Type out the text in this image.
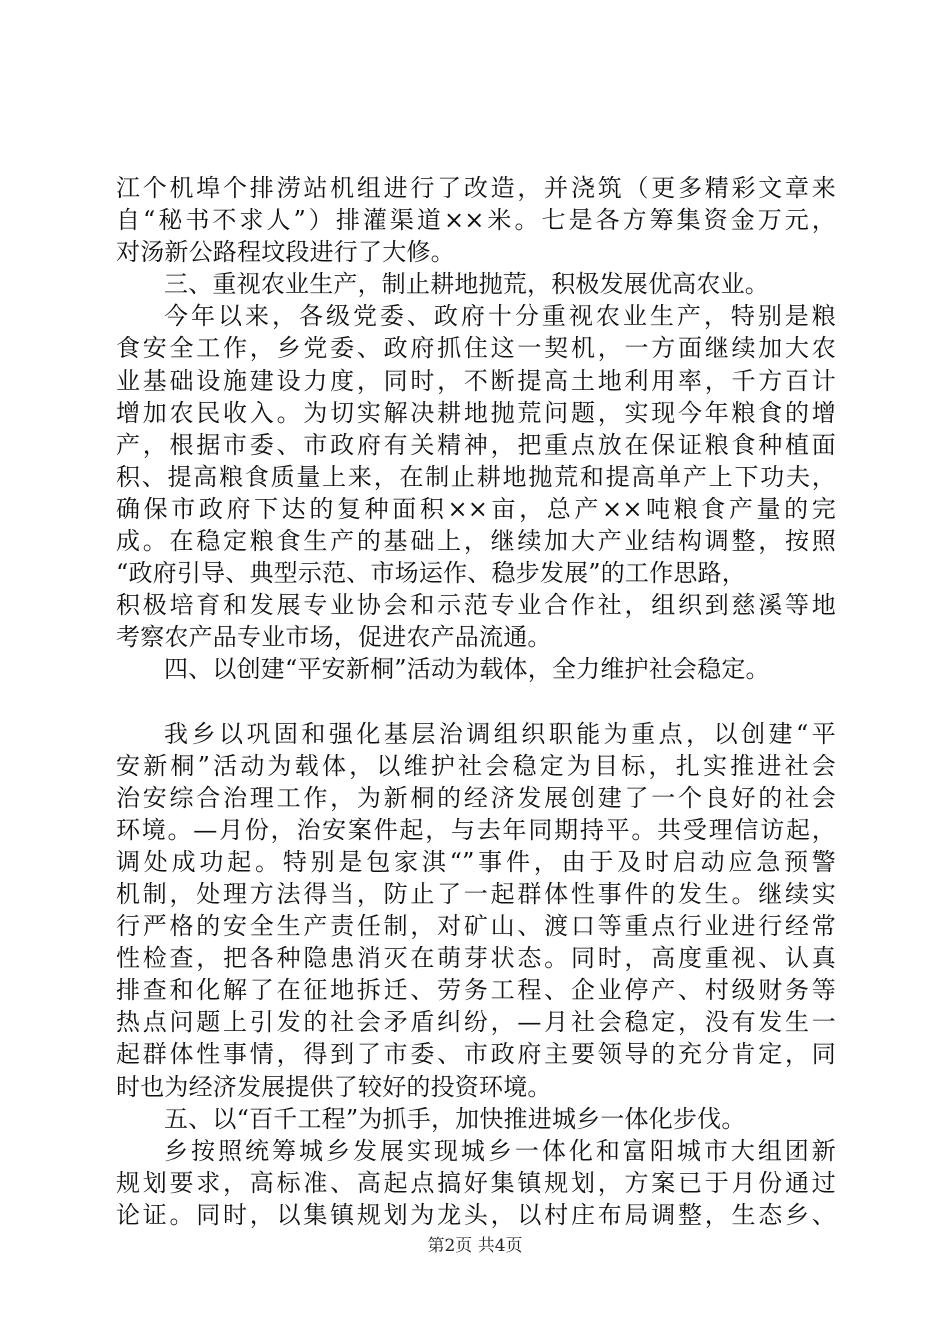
江个机埠个排涝站机组进行了改造，并浇筑（更多精彩文章来
自“秘书不求人”）排灌渠道××米。七是各方筹集资金万元，
对汤新公路程坟段进行了大修。
三、重视农业生产，制止耕地抛荒，积极发展优高农业。
今年以来，各级党委、政府十分重视农业生产，特别是粮
食安全工作，乡党委、政府抓住这一契机，一方面继续加大农
业基础设施建设力度，同时，不断提高土地利用率，千方百计
增加农民收入。为切实解决耕地抛荒问题，实现今年粮食的增
产，根据市委、市政府有关精神，把重点放在保证粮食种植面
积、提高粮食质量上来，在制止耕地抛荒和提高单产上下功夫，
确保市政府下达的复种面积××亩，总产××吨粮食产量的完
成。在稳定粮食生产的基础上，继续加大产业结构调整，按照
“政府引导、典型示范、市场运作、稳步发展”的工作思路，
积极培育和发展专业协会和示范专业合作社，组织到慈溪等地
考察农产品专业市场，促进农产品流通。
四、以创建“平安新桐”活动为载体，全力维护社会稳定。
我乡以巩固和强化基层治调组织职能为重点，以创建“平
安新桐”活动为载体，以维护社会稳定为目标，扎实推进社会
治安综合治理工作，为新桐的经济发展创建了一个良好的社会
环境。—月份，治安案件起，与去年同期持平。共受理信访起，
调处成功起。特别是包家淇“”事件，由于及时启动应急预警
机制，处理方法得当，防止了一起群体性事件的发生。继续实
行严格的安全生产责任制，对矿山、渡口等重点行业进行经常
性检查，把各种隐患消灭在萌芽状态。同时，高度重视、认真
排查和化解了在征地拆迁、劳务工程、企业停产、村级财务等
热点问题上引发的社会矛盾纠纷，—月社会稳定，没有发生一
起群体性事情，得到了市委、市政府主要领导的充分肯定，同
时也为经济发展提供了较好的投资环境。
五、以“百千工程”为抓手，加快推进城乡一体化步伐。
乡按照统筹城乡发展实现城乡一体化和富阳城市大组团新
规划要求，高标准、高起点搞好集镇规划，方案已于月份通过
论证。同时，以集镇规划为龙头，以村庄布局调整，生态乡、
第2页 共4页
